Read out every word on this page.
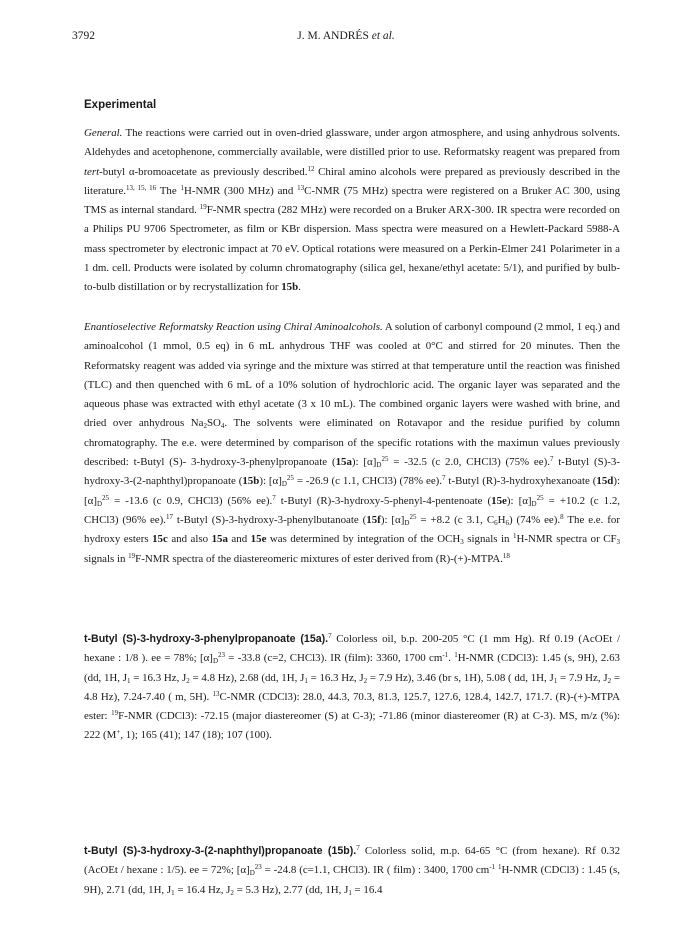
3792	J. M. ANDRÉS et al.
Experimental
General. The reactions were carried out in oven-dried glassware, under argon atmosphere, and using anhydrous solvents. Aldehydes and acetophenone, commercially available, were distilled prior to use. Reformatsky reagent was prepared from tert-butyl α-bromoacetate as previously described.$^{12}$ Chiral amino alcohols were prepared as previously described in the literature.$^{13, 15, 16}$ The $^1$H-NMR (300 MHz) and $^{13}$C-NMR (75 MHz) spectra were registered on a Bruker AC 300, using TMS as internal standard. $^{19}$F-NMR spectra (282 MHz) were recorded on a Bruker ARX-300. IR spectra were recorded on a Philips PU 9706 Spectrometer, as film or KBr dispersion. Mass spectra were measured on a Hewlett-Packard 5988-A mass spectrometer by electronic impact at 70 eV. Optical rotations were measured on a Perkin-Elmer 241 Polarimeter in a 1 dm. cell. Products were isolated by column chromatography (silica gel, hexane/ethyl acetate: 5/1), and purified by bulb-to-bulb distillation or by recrystallization for 15b.
Enantioselective Reformatsky Reaction using Chiral Aminoalcohols. A solution of carbonyl compound (2 mmol, 1 eq.) and aminoalcohol (1 mmol, 0.5 eq) in 6 mL anhydrous THF was cooled at 0°C and stirred for 20 minutes. Then the Reformatsky reagent was added via syringe and the mixture was stirred at that temperature until the reaction was finished (TLC) and then quenched with 6 mL of a 10% solution of hydrochloric acid. The organic layer was separated and the aqueous phase was extracted with ethyl acetate (3 x 10 mL). The combined organic layers were washed with brine, and dried over anhydrous $Na_2SO_4$. The solvents were eliminated on Rotavapor and the residue purified by column chromatography. The e.e. were determined by comparison of the specific rotations with the maximun values previously described: t-Butyl (S)- 3-hydroxy-3-phenylpropanoate (15a): $[\alpha]_D^{25} = -32.5$ (c 2.0, CHCl3) (75% ee).$^7$ t-Butyl (S)-3-hydroxy-3-(2-naphthyl)propanoate (15b): $[\alpha]_D^{25} = -26.9$ (c 1.1, CHCl3) (78% ee).$^7$ t-Butyl (R)-3-hydroxyhexanoate (15d): $[\alpha]_D^{25} = -13.6$ (c 0.9, CHCl3) (56% ee).$^7$ t-Butyl (R)-3-hydroxy-5-phenyl-4-pentenoate (15e): $[\alpha]_D^{25} = +10.2$ (c 1.2, CHCl3) (96% ee).$^{17}$ t-Butyl (S)-3-hydroxy-3-phenylbutanoate (15f): $[\alpha]_D^{25} = +8.2$ (c 3.1, $C_6H_6$) (74% ee).$^8$ The e.e. for hydroxy esters 15c and also 15a and 15e was determined by integration of the $OCH_3$ signals in $^1$H-NMR spectra or $CF_3$ signals in $^{19}$F-NMR spectra of the diastereomeric mixtures of ester derived from (R)-(+)-MTPA.$^{18}$
t-Butyl (S)-3-hydroxy-3-phenylpropanoate (15a).$^7$ Colorless oil, b.p. 200-205 °C (1 mm Hg). Rf 0.19 (AcOEt / hexane : 1/8 ). ee = 78%; $[\alpha]_D^{23} = -33.8$ (c=2, CHCl3). IR (film): 3360, 1700 $cm^{-1}$. $^1$H-NMR (CDCl3): 1.45 (s, 9H), 2.63 (dd, 1H, $J_1 = 16.3$ Hz, $J_2 = 4.8$ Hz), 2.68 (dd, 1H, $J_1 = 16.3$ Hz, $J_2 = 7.9$ Hz), 3.46 (br s, 1H), 5.08 ( dd, 1H, $J_1 = 7.9$ Hz, $J_2 = 4.8$ Hz), 7.24-7.40 ( m, 5H). $^{13}$C-NMR (CDCl3): 28.0, 44.3, 70.3, 81.3, 125.7, 127.6, 128.4, 142.7, 171.7. (R)-(+)-MTPA ester: $^{19}$F-NMR (CDCl3): -72.15 (major diastereomer (S) at C-3); -71.86 (minor diastereomer (R) at C-3). MS, m/z (%): 222 (M+, 1); 165 (41); 147 (18); 107 (100).
t-Butyl (S)-3-hydroxy-3-(2-naphthyl)propanoate (15b).$^7$ Colorless solid, m.p. 64-65 °C (from hexane). Rf 0.32 (AcOEt / hexane : 1/5). ee = 72%; $[\alpha]_D^{23} = -24.8$ (c=1.1, CHCl3). IR ( film) : 3400, 1700 $cm^{-1}$ $^1$H-NMR (CDCl3) : 1.45 (s, 9H), 2.71 (dd, 1H, $J_1 = 16.4$ Hz, $J_2 = 5.3$ Hz), 2.77 (dd, 1H, $J_1 = 16.4$
